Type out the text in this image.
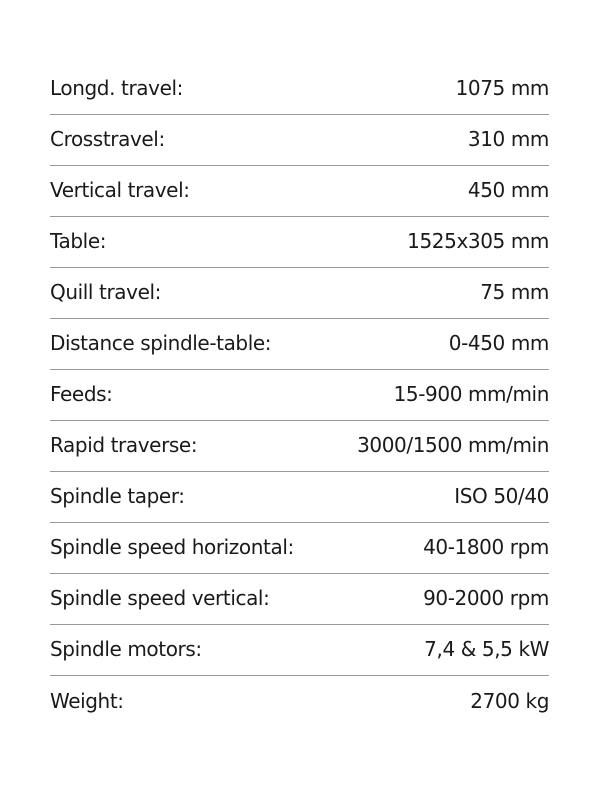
Longd. travel:	1075 mm
Crosstravel:	310 mm
Vertical travel:	450 mm
Table:	1525x305 mm
Quill travel:	75 mm
Distance spindle-table:	0-450 mm
Feeds:	15-900 mm/min
Rapid traverse:	3000/1500 mm/min
Spindle taper:	ISO 50/40
Spindle speed horizontal:	40-1800 rpm
Spindle speed vertical:	90-2000 rpm
Spindle motors:	7,4 & 5,5 kW
Weight:	2700 kg
